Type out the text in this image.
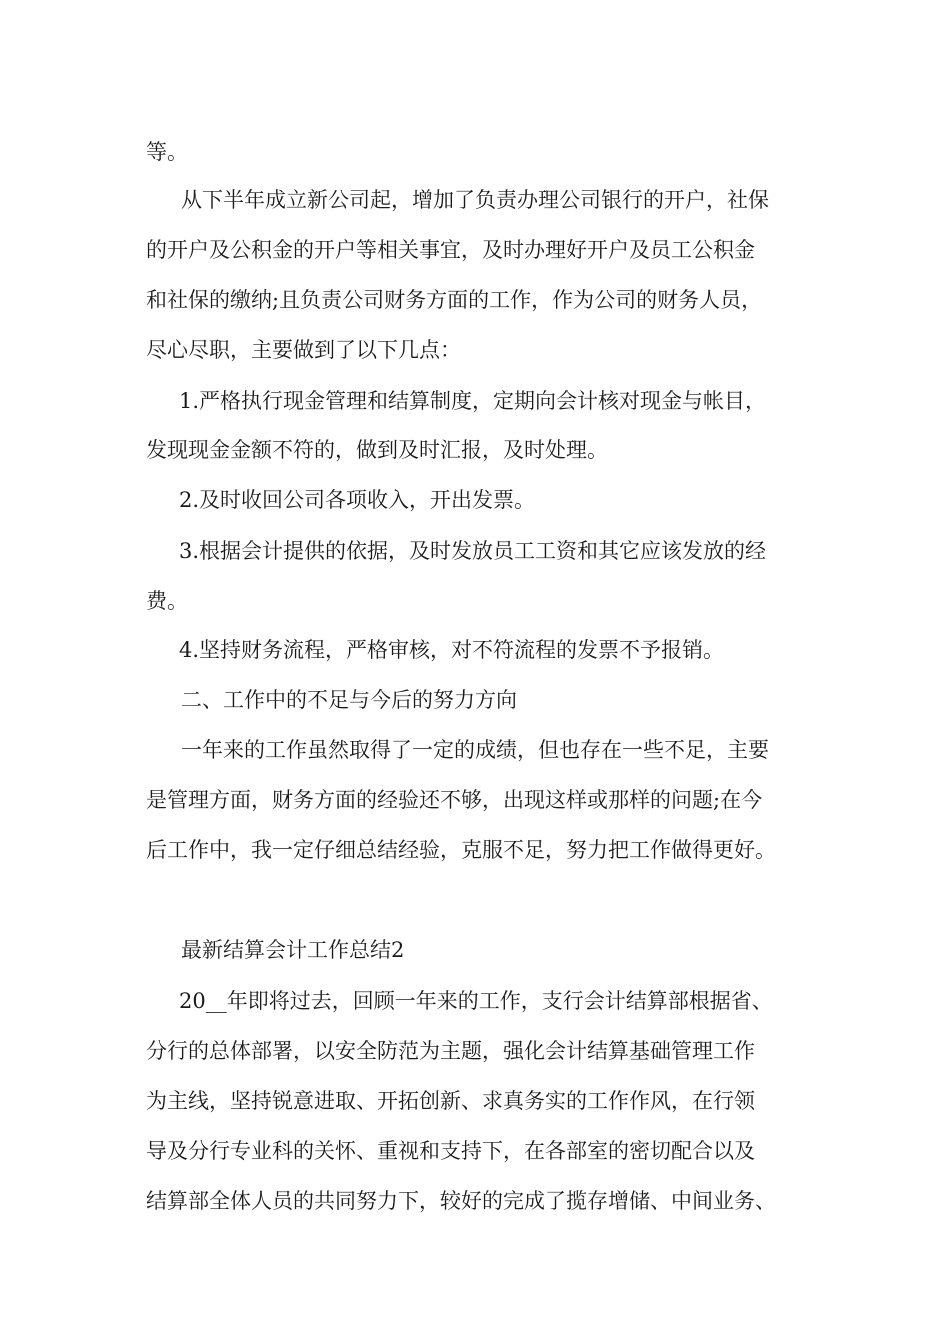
等。
从下半年成立新公司起，增加了负责办理公司银行的开户，社保
的开户及公积金的开户等相关事宜，及时办理好开户及员工公积金
和社保的缴纳;且负责公司财务方面的工作，作为公司的财务人员，
尽心尽职，主要做到了以下几点：
1.严格执行现金管理和结算制度，定期向会计核对现金与帐目，
发现现金金额不符的，做到及时汇报，及时处理。
2.及时收回公司各项收入，开出发票。
3.根据会计提供的依据，及时发放员工工资和其它应该发放的经
费。
4.坚持财务流程，严格审核，对不符流程的发票不予报销。
二、工作中的不足与今后的努力方向
一年来的工作虽然取得了一定的成绩，但也存在一些不足，主要
是管理方面，财务方面的经验还不够，出现这样或那样的问题;在今
后工作中，我一定仔细总结经验，克服不足，努力把工作做得更好。
最新结算会计工作总结2
20__年即将过去，回顾一年来的工作，支行会计结算部根据省、
分行的总体部署，以安全防范为主题，强化会计结算基础管理工作
为主线，坚持锐意进取、开拓创新、求真务实的工作作风，在行领
导及分行专业科的关怀、重视和支持下，在各部室的密切配合以及
结算部全体人员的共同努力下，较好的完成了揽存增储、中间业务、
